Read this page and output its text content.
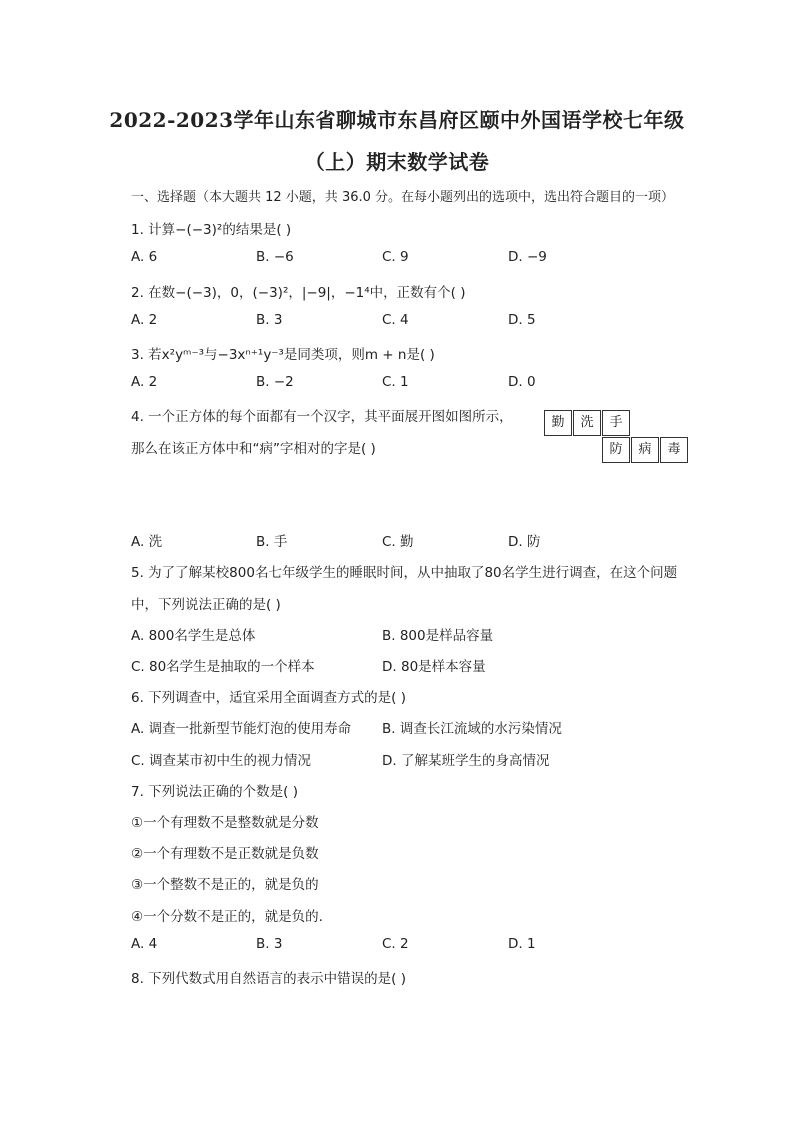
2022-2023学年山东省聊城市东昌府区颐中外国语学校七年级
（上）期末数学试卷
一、选择题（本大题共 12 小题，共 36.0 分。在每小题列出的选项中，选出符合题目的一项）
1. 计算−(−3)²的结果是( )
A. 6	B. −6	C. 9	D. −9
2. 在数−(−3)，0，(−3)²，|−9|，−1⁴中，正数有个( )
A. 2	B. 3	C. 4	D. 5
3. 若x²yᵐ⁻³与−3xⁿ⁺¹y⁻³是同类项，则m + n是( )
A. 2	B. −2	C. 1	D. 0
4. 一个正方体的每个面都有一个汉字，其平面展开图如图所示，
那么在该正方体中和“病”字相对的字是( )
勤	洗	手
防	病	毒
A. 洗	B. 手	C. 勤	D. 防
5. 为了了解某校800名七年级学生的睡眠时间，从中抽取了80名学生进行调查，在这个问题
中，下列说法正确的是( )
A. 800名学生是总体	B. 800是样品容量
C. 80名学生是抽取的一个样本	D. 80是样本容量
6. 下列调查中，适宜采用全面调查方式的是( )
A. 调查一批新型节能灯泡的使用寿命 B. 调查长江流域的水污染情况
C. 调查某市初中生的视力情况	D. 了解某班学生的身高情况
7. 下列说法正确的个数是( )
①一个有理数不是整数就是分数
②一个有理数不是正数就是负数
③一个整数不是正的，就是负的
④一个分数不是正的，就是负的.
A. 4	B. 3	C. 2	D. 1
8. 下列代数式用自然语言的表示中错误的是( )
